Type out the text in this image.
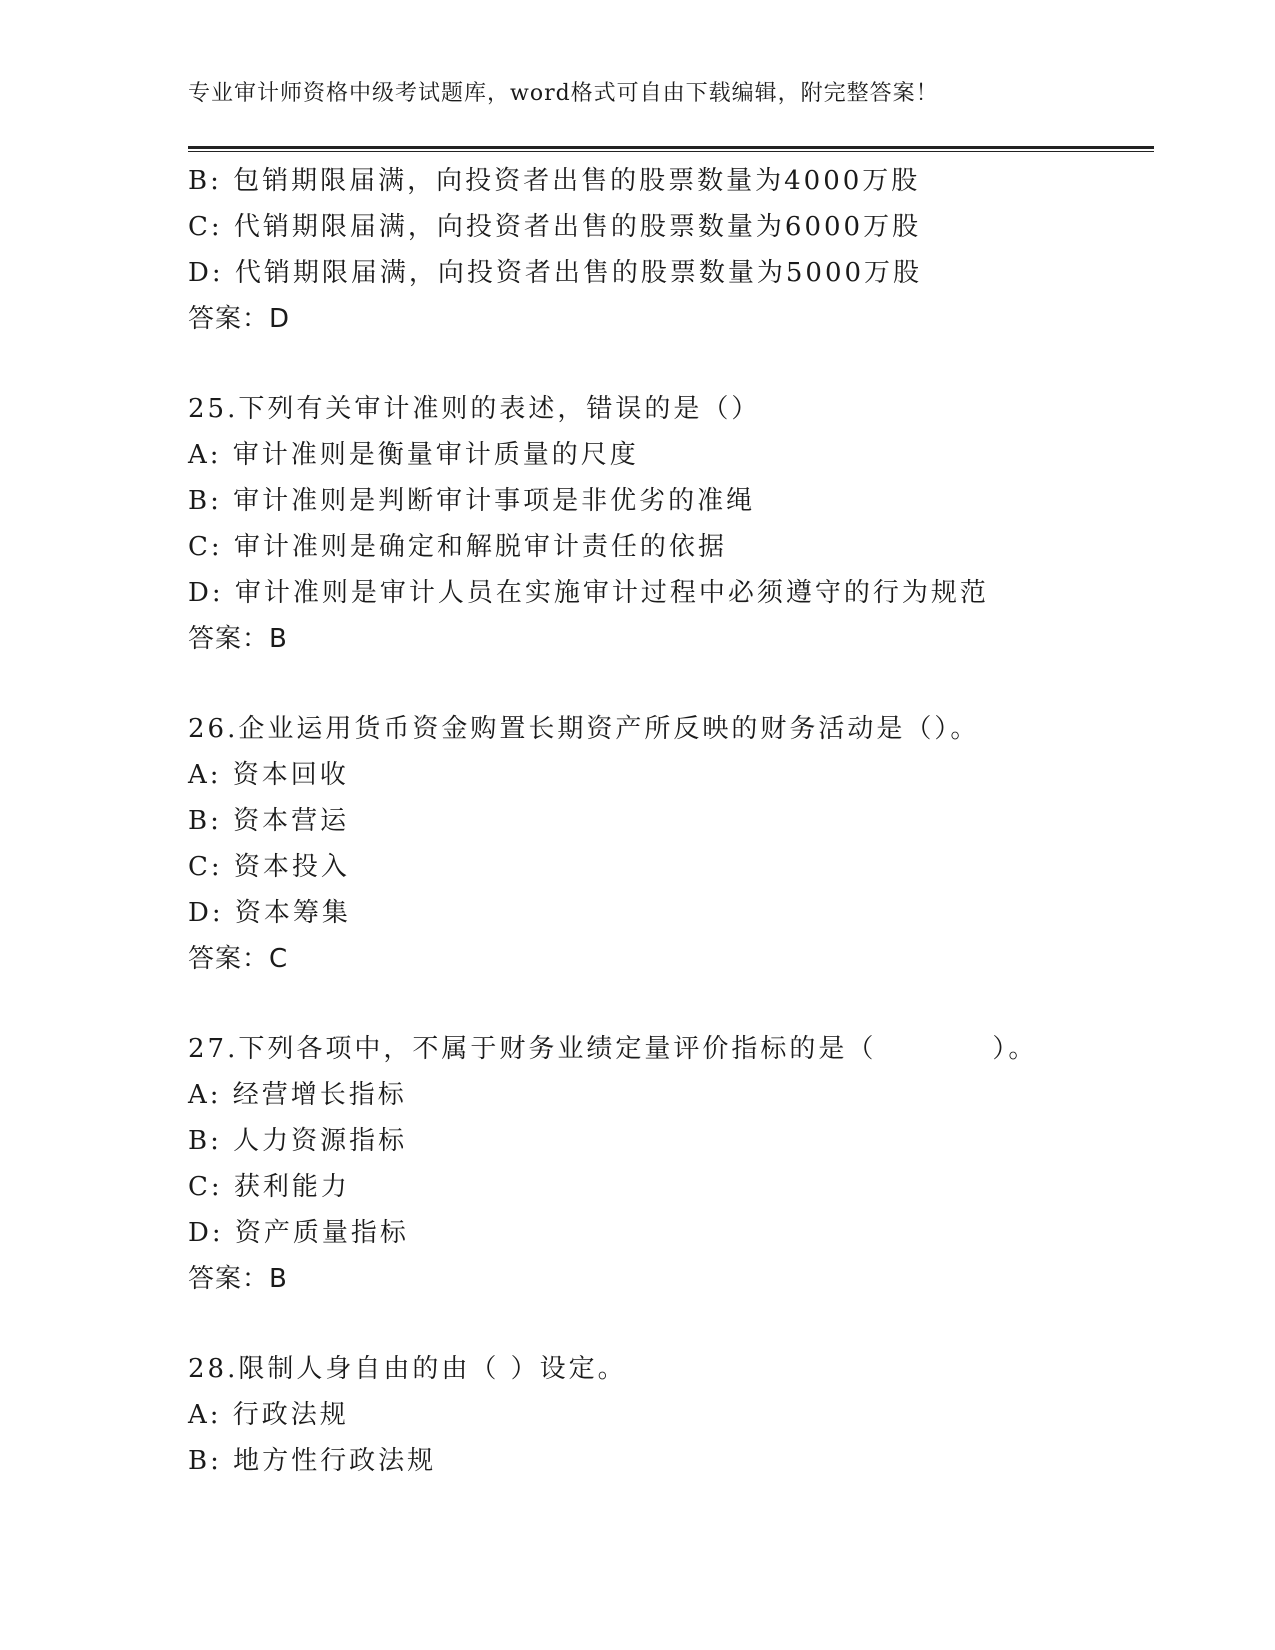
专业审计师资格中级考试题库，word格式可自由下载编辑，附完整答案！
B: 包销期限届满，向投资者出售的股票数量为4000万股
C: 代销期限届满，向投资者出售的股票数量为6000万股
D: 代销期限届满，向投资者出售的股票数量为5000万股
答案：D
25.下列有关审计准则的表述，错误的是（）
A: 审计准则是衡量审计质量的尺度
B: 审计准则是判断审计事项是非优劣的准绳
C: 审计准则是确定和解脱审计责任的依据
D: 审计准则是审计人员在实施审计过程中必须遵守的行为规范
答案：B
26.企业运用货币资金购置长期资产所反映的财务活动是（）。
A: 资本回收
B: 资本营运
C: 资本投入
D: 资本筹集
答案：C
27.下列各项中，不属于财务业绩定量评价指标的是（　　　　）。
A: 经营增长指标
B: 人力资源指标
C: 获利能力
D: 资产质量指标
答案：B
28.限制人身自由的由（ ）设定。
A: 行政法规
B: 地方性行政法规
